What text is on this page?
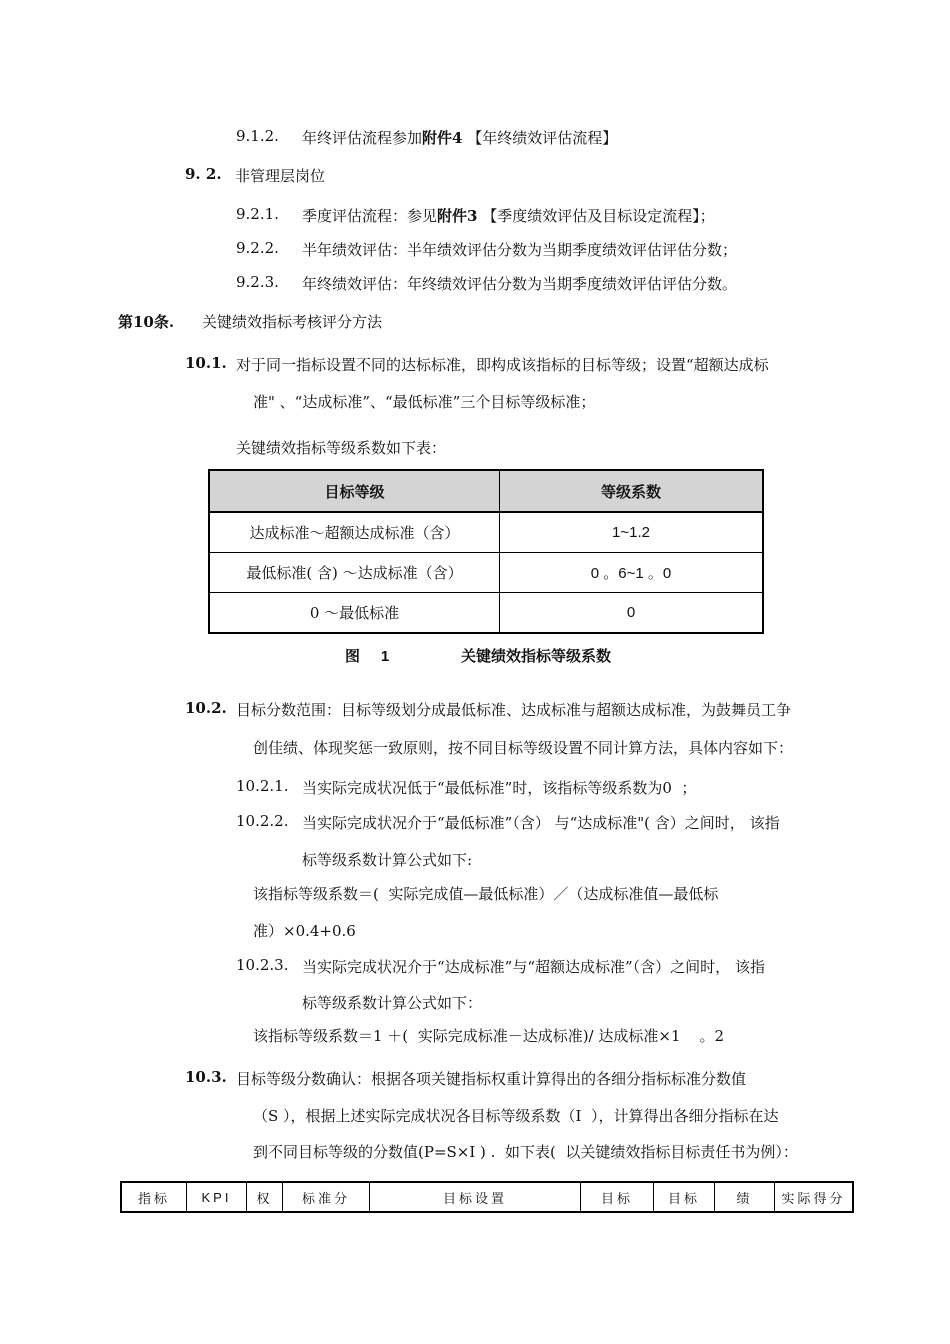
9.1.2. 年终评估流程参加附件4 【年终绩效评估流程】
9. 2. 非管理层岗位
9.2.1. 季度评估流程：参见附件3 【季度绩效评估及目标设定流程】；
9.2.2. 半年绩效评估：半年绩效评估分数为当期季度绩效评估评估分数；
9.2.3. 年终绩效评估：年终绩效评估分数为当期季度绩效评估评估分数。
第10条. 关键绩效指标考核评分方法
10.1. 对于同一指标设置不同的达标标准，即构成该指标的目标等级；设置“超额达成标
准" 、“达成标准”、“最低标准”三个目标等级标准；
关键绩效指标等级系数如下表：
目标等级	等级系数
达成标准～超额达成标准（含）	1~1.2
最低标准( 含) ～达成标准（含）	0 。6~1 。0
0 ～最低标准	0
图     1	关键绩效指标等级系数
10.2. 目标分数范围：目标等级划分成最低标准、达成标准与超额达成标准，为鼓舞员工争
创佳绩、体现奖惩一致原则，按不同目标等级设置不同计算方法，具体内容如下：
10.2.1. 当实际完成状况低于“最低标准”时，该指标等级系数为0  ；
10.2.2. 当实际完成状况介于“最低标准”（含） 与“达成标准"( 含）之间时， 该指
标等级系数计算公式如下:
该指标等级系数＝(  实际完成值—最低标准）／（达成标准值—最低标
准）×0.4+0.6
10.2.3. 当实际完成状况介于“达成标准”与“超额达成标准”（含）之间时， 该指
标等级系数计算公式如下：
该指标等级系数＝1 ＋(  实际完成标准－达成标准)/ 达成标准×1    。2
10.3. 目标等级分数确认：根据各项关键指标权重计算得出的各细分指标标准分数值
（S ），根据上述实际完成状况各目标等级系数（I  ），计算得出各细分指标在达
到不同目标等级的分数值(P=S×I ) .  如下表(  以关键绩效指标目标责任书为例）：
指标	KPI	权	标准分	目标设置	目标	目标	绩	实际得分
